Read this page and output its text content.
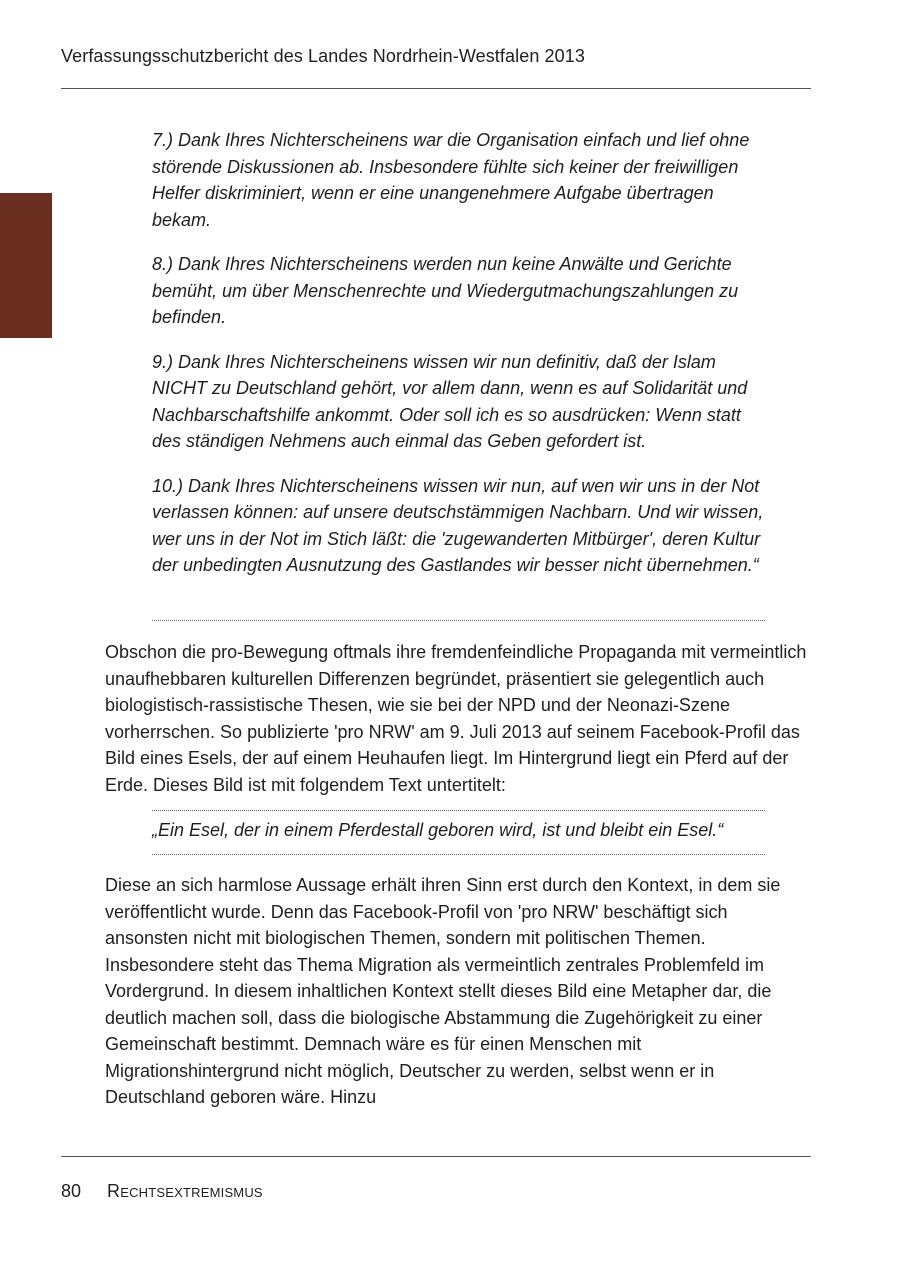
Verfassungsschutzbericht des Landes Nordrhein-Westfalen 2013

7.) Dank Ihres Nichterscheinens war die Organisation einfach und lief ohne störende Diskussionen ab. Insbesondere fühlte sich keiner der freiwilligen Helfer diskriminiert, wenn er eine unangenehmere Aufgabe übertragen bekam.

8.) Dank Ihres Nichterscheinens werden nun keine Anwälte und Gerichte bemüht, um über Menschenrechte und Wiedergutmachungszahlungen zu befinden.

9.) Dank Ihres Nichterscheinens wissen wir nun definitiv, daß der Islam NICHT zu Deutschland gehört, vor allem dann, wenn es auf Solidarität und Nachbarschaftshilfe ankommt. Oder soll ich es so ausdrücken: Wenn statt des ständigen Nehmens auch einmal das Geben gefordert ist.

10.) Dank Ihres Nichterscheinens wissen wir nun, auf wen wir uns in der Not verlassen können: auf unsere deutschstämmigen Nachbarn. Und wir wissen, wer uns in der Not im Stich läßt: die 'zugewanderten Mitbürger', deren Kultur der unbedingten Ausnutzung des Gastlandes wir besser nicht übernehmen.“

Obschon die pro-Bewegung oftmals ihre fremdenfeindliche Propaganda mit vermeintlich unaufhebbaren kulturellen Differenzen begründet, präsentiert sie gelegentlich auch biologistisch-rassistische Thesen, wie sie bei der NPD und der Neonazi-Szene vorherrschen. So publizierte 'pro NRW' am 9. Juli 2013 auf seinem Facebook-Profil das Bild eines Esels, der auf einem Heuhaufen liegt. Im Hintergrund liegt ein Pferd auf der Erde. Dieses Bild ist mit folgendem Text untertitelt:

„Ein Esel, der in einem Pferdestall geboren wird, ist und bleibt ein Esel.“

Diese an sich harmlose Aussage erhält ihren Sinn erst durch den Kontext, in dem sie veröffentlicht wurde. Denn das Facebook-Profil von 'pro NRW' beschäftigt sich ansonsten nicht mit biologischen Themen, sondern mit politischen Themen. Insbesondere steht das Thema Migration als vermeintlich zentrales Problemfeld im Vordergrund. In diesem inhaltlichen Kontext stellt dieses Bild eine Metapher dar, die deutlich machen soll, dass die biologische Abstammung die Zugehörigkeit zu einer Gemeinschaft bestimmt. Demnach wäre es für einen Menschen mit Migrationshintergrund nicht möglich, Deutscher zu werden, selbst wenn er in Deutschland geboren wäre. Hinzu

80 Rechtsextremismus
